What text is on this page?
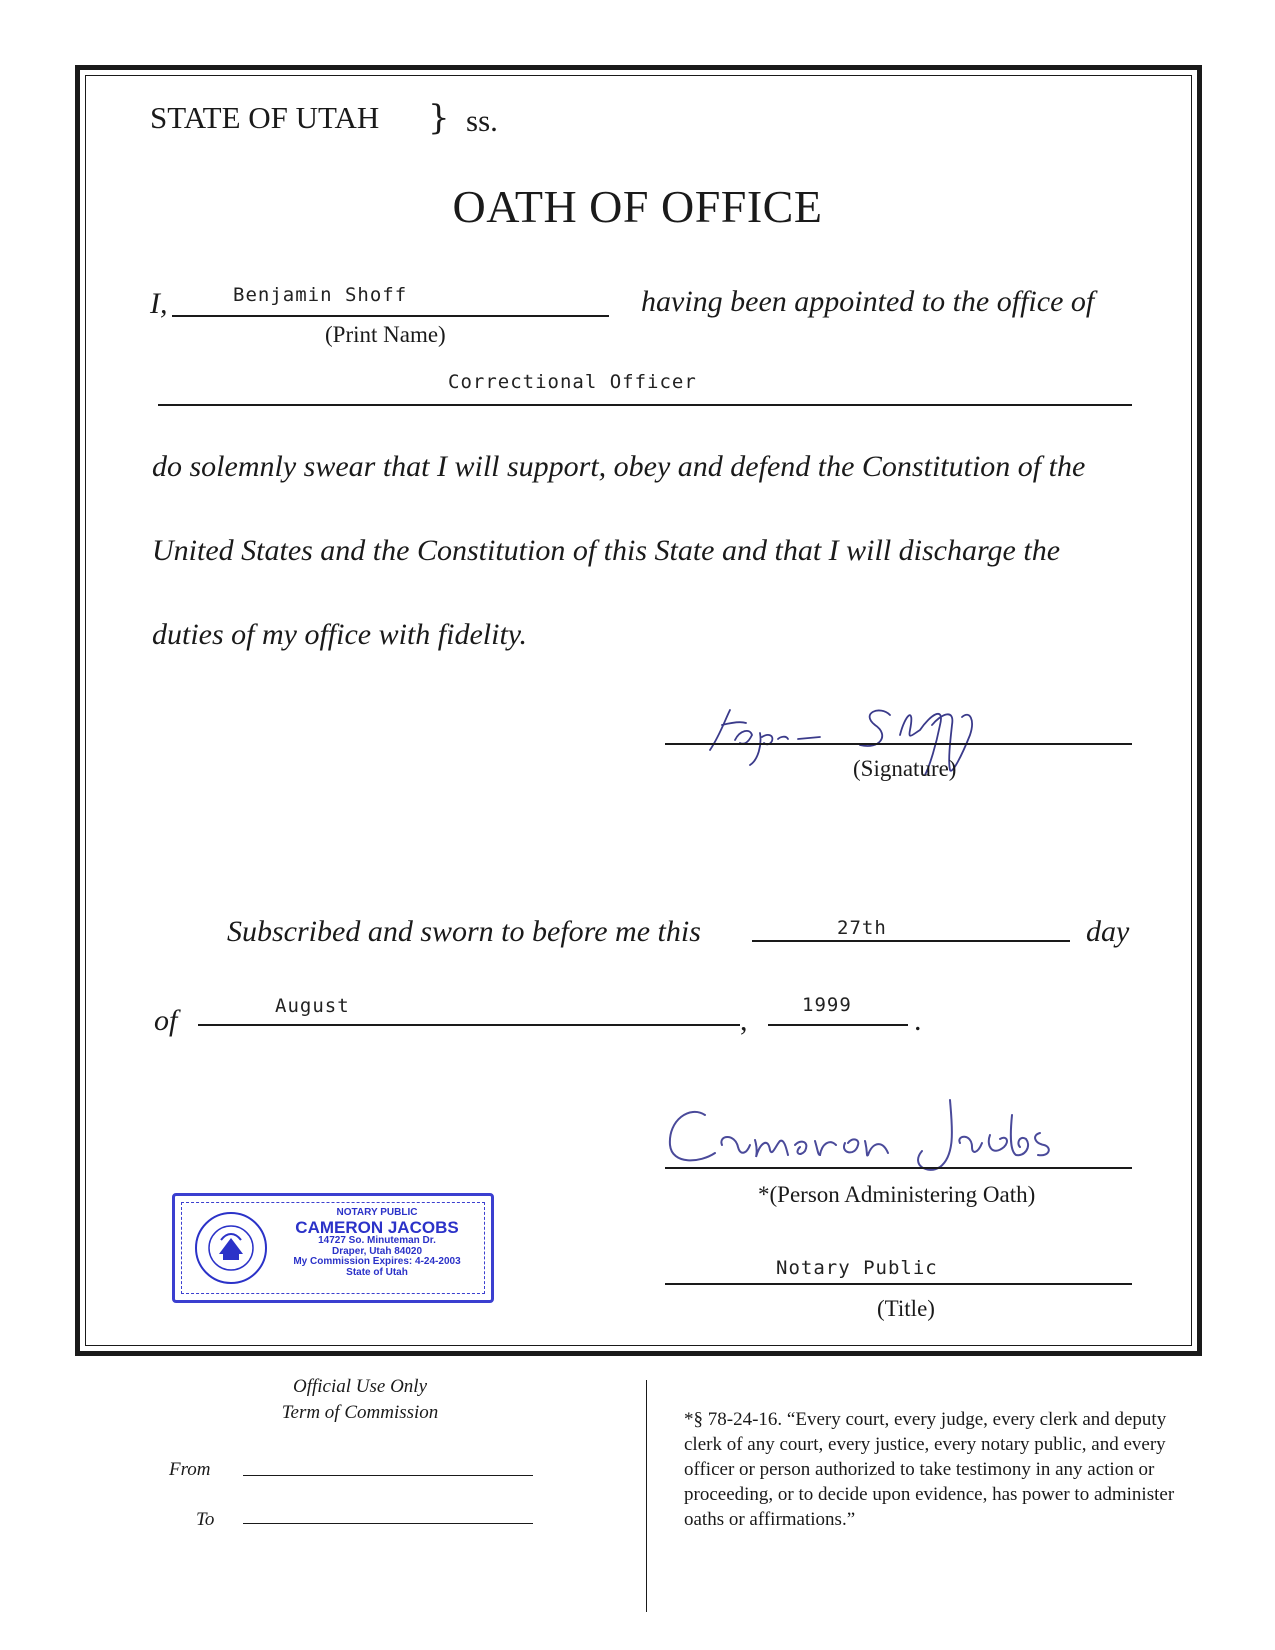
STATE OF UTAH } ss.
OATH OF OFFICE
I,	Benjamin Shoff
(Print Name)
having been appointed to the office of
Correctional Officer
do solemnly swear that I will support, obey and defend the Constitution of the
United States and the Constitution of this State and that I will discharge the
duties of my office with fidelity.
(Signature)
Subscribed and sworn to before me this	27th	day
of	August	,	1999 .
*(Person Administering Oath)
Notary Public
(Title)
NOTARY PUBLIC
CAMERON JACOBS
14727 So. Minuteman Dr.
Draper, Utah 84020
My Commission Expires: 4-24-2003
State of Utah
Official Use Only
Term of Commission
From
To
*§ 78-24-16. “Every court, every judge, every clerk and deputy clerk of any court, every justice, every notary public, and every officer or person authorized to take testimony in any action or proceeding, or to decide upon evidence, has power to administer oaths or affirmations.”
